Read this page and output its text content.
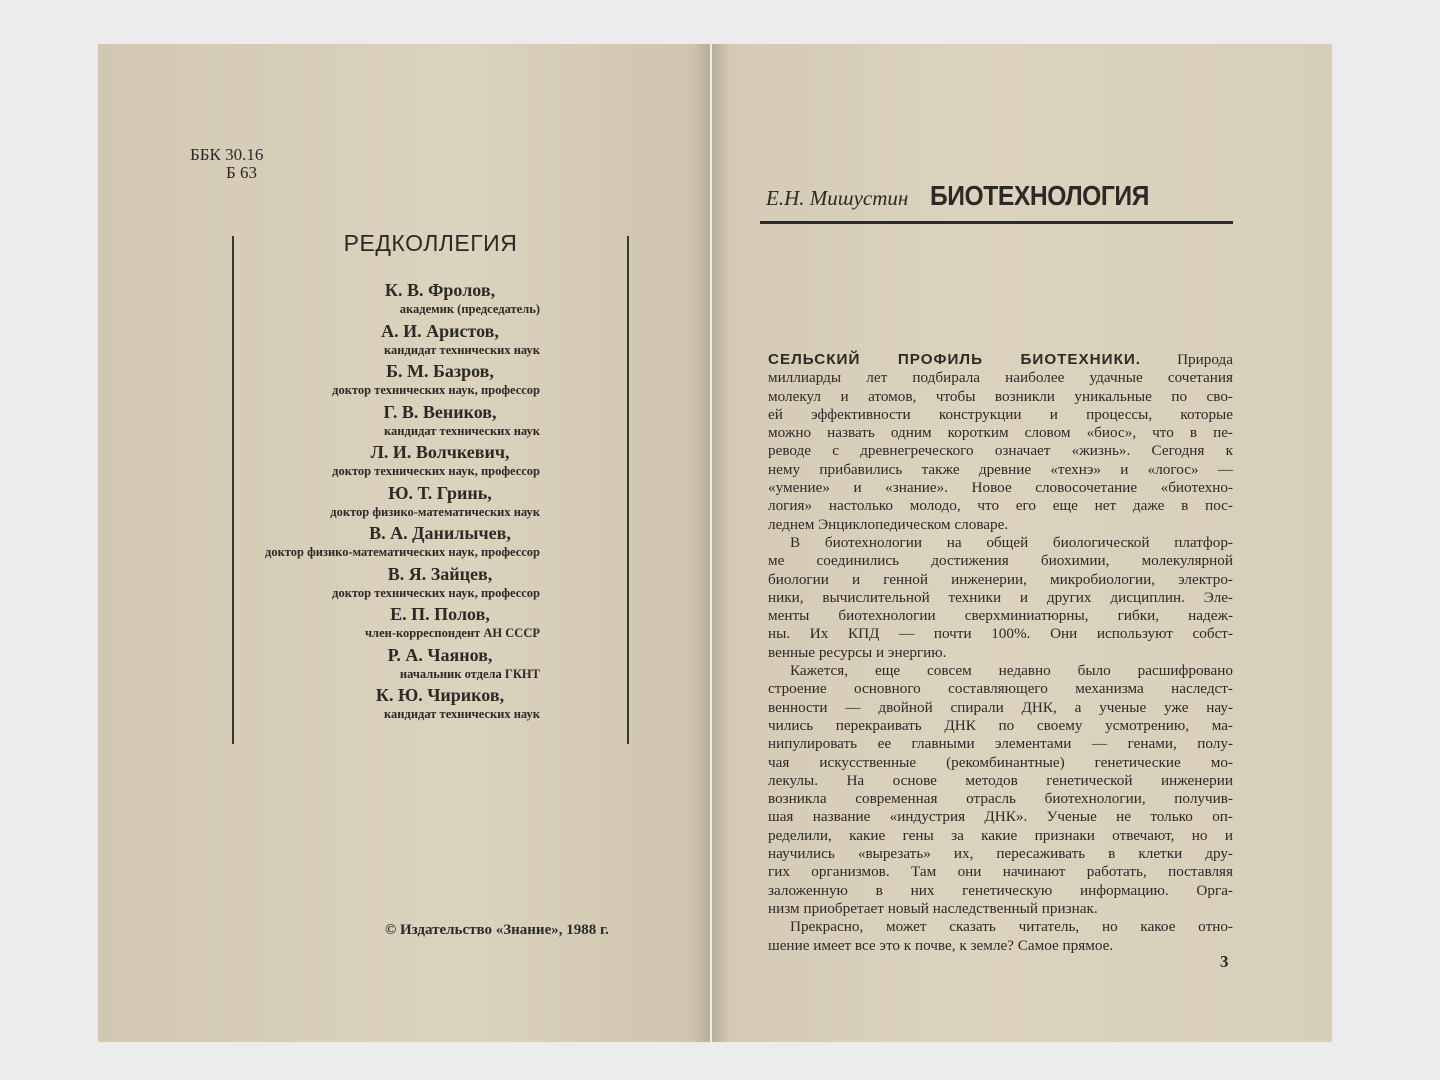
ББК 30.16
Б 63
РЕДКОЛЛЕГИЯ
К. В. Фролов,
академик (председатель)
А. И. Аристов,
кандидат технических наук
Б. М. Базров,
доктор технических наук, профессор
Г. В. Веников,
кандидат технических наук
Л. И. Волчкевич,
доктор технических наук, профессор
Ю. Т. Гринь,
доктор физико-математических наук
В. А. Данилычев,
доктор физико-математических наук, профессор
В. Я. Зайцев,
доктор технических наук, профессор
Е. П. Полов,
член-корреспондент АН СССР
Р. А. Чаянов,
начальник отдела ГКНТ
К. Ю. Чириков,
кандидат технических наук
© Издательство «Знание», 1988 г.
Е.Н. Мишустин БИОТЕХНОЛОГИЯ
СЕЛЬСКИЙ ПРОФИЛЬ БИОТЕХНИКИ. Природа
миллиарды лет подбирала наиболее удачные сочетания
молекул и атомов, чтобы возникли уникальные по сво-
ей эффективности конструкции и процессы, которые
можно назвать одним коротким словом «биос», что в пе-
реводе с древнегреческого означает «жизнь». Сегодня к
нему прибавились также древние «технэ» и «логос» —
«умение» и «знание». Новое словосочетание «биотехно-
логия» настолько молодо, что его еще нет даже в пос-
леднем Энциклопедическом словаре.
В биотехнологии на общей биологической платфор-
ме соединились достижения биохимии, молекулярной
биологии и генной инженерии, микробиологии, электро-
ники, вычислительной техники и других дисциплин. Эле-
менты биотехнологии сверхминиатюрны, гибки, надеж-
ны. Их КПД — почти 100%. Они используют собст-
венные ресурсы и энергию.
Кажется, еще совсем недавно было расшифровано
строение основного составляющего механизма наследст-
венности — двойной спирали ДНК, а ученые уже нау-
чились перекраивать ДНК по своему усмотрению, ма-
нипулировать ее главными элементами — генами, полу-
чая искусственные (рекомбинантные) генетические мо-
лекулы. На основе методов генетической инженерии
возникла современная отрасль биотехнологии, получив-
шая название «индустрия ДНК». Ученые не только оп-
ределили, какие гены за какие признаки отвечают, но и
научились «вырезать» их, пересаживать в клетки дру-
гих организмов. Там они начинают работать, поставляя
заложенную в них генетическую информацию. Орга-
низм приобретает новый наследственный признак.
Прекрасно, может сказать читатель, но какое отно-
шение имеет все это к почве, к земле? Самое прямое.
3
